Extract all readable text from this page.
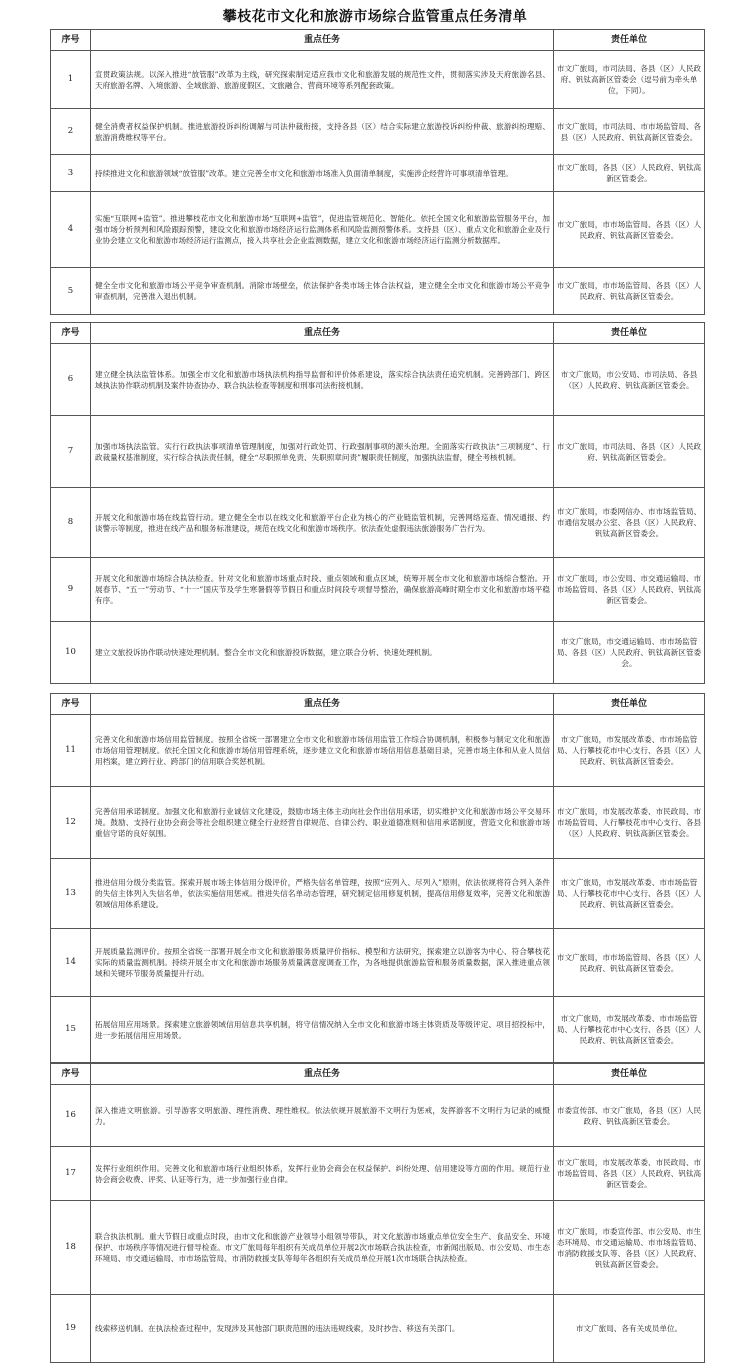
攀枝花市文化和旅游市场综合监管重点任务清单
序号	重点任务	责任单位
1	宣贯政策法规。以深入推进“放管服”改革为主线，研究探索制定适应我市文化和旅游发展的规范性文件，贯彻落实涉及天府旅游名县、天府旅游名牌、入境旅游、全域旅游、旅游度假区、文旅融合、营商环境等系列配套政策。	市文广旅局，市司法局、各县（区）人民政府、钒钛高新区管委会（逗号前为牵头单位，下同）。
2	健全消费者权益保护机制。推进旅游投诉纠纷调解与司法仲裁衔接，支持各县（区）结合实际建立旅游投诉纠纷仲裁、旅游纠纷理赔、旅游消费维权等平台。	市文广旅局，市司法局、市市场监管局、各县（区）人民政府、钒钛高新区管委会。
3	持续推进文化和旅游领域“放管服”改革。建立完善全市文化和旅游市场准入负面清单制度，实施涉企经营许可事项清单管理。	市文广旅局，各县（区）人民政府、钒钛高新区管委会。
4	实施“互联网+监管”。推进攀枝花市文化和旅游市场“互联网+监管”，促进监管规范化、智能化。依托全国文化和旅游监管服务平台，加强市场分析预判和风险跟踪预警，建设文化和旅游市场经济运行监测体系和风险监测预警体系。支持县（区）、重点文化和旅游企业及行业协会建立文化和旅游市场经济运行监测点，接入共享社会企业监测数据，建立文化和旅游市场经济运行监测分析数据库。	市文广旅局，市市场监管局、各县（区）人民政府、钒钛高新区管委会。
5	健全全市文化和旅游市场公平竞争审查机制。消除市场壁垒，依法保护各类市场主体合法权益，建立健全全市文化和旅游市场公平竞争审查机制，完善准入退出机制。	市文广旅局，市市场监管局、各县（区）人民政府、钒钛高新区管委会。
序号	重点任务	责任单位
6	建立健全执法监管体系。加强全市文化和旅游市场执法机构指导监督和评价体系建设，落实综合执法责任追究机制。完善跨部门、跨区域执法协作联动机制及案件协查协办、联合执法检查等制度和刑事司法衔接机制。	市文广旅局，市公安局、市司法局、各县（区）人民政府、钒钛高新区管委会。
7	加强市场执法监管。实行行政执法事项清单管理制度，加强对行政处罚、行政强制事项的源头治理。全面落实行政执法“三项制度”、行政裁量权基准制度，实行综合执法责任制，健全“尽职照单免责、失职照章问责”履职责任制度，加强执法监督，健全考核机制。	市文广旅局，市司法局、各县（区）人民政府、钒钛高新区管委会。
8	开展文化和旅游市场在线监管行动。建立健全全市以在线文化和旅游平台企业为核心的产业链监管机制，完善网络巡查、情况通报、约谈警示等制度，推进在线产品和服务标准建设，规范在线文化和旅游市场秩序。依法查处虚假违法旅游服务广告行为。	市文广旅局，市委网信办、市市场监管局、市通信发展办公室、各县（区）人民政府、钒钛高新区管委会。
9	开展文化和旅游市场综合执法检查。针对文化和旅游市场重点时段、重点领域和重点区域，统筹开展全市文化和旅游市场综合整治。开展春节、“五一”劳动节、“十一”国庆节及学生寒暑假等节假日和重点时间段专项督导整治，确保旅游高峰时期全市文化和旅游市场平稳有序。	市文广旅局，市公安局、市交通运输局、市市场监管局、各县（区）人民政府、钒钛高新区管委会。
10	建立文旅投诉协作联动快速处理机制。整合全市文化和旅游投诉数据，建立联合分析、快速处理机制。	市文广旅局，市交通运输局、市市场监管局、各县（区）人民政府、钒钛高新区管委会。
序号	重点任务	责任单位
11	完善文化和旅游市场信用监管制度。按照全省统一部署建立全市文化和旅游市场信用监管工作综合协调机制，积极参与制定文化和旅游市场信用管理制度。依托全国文化和旅游市场信用管理系统，逐步建立文化和旅游市场信用信息基础目录，完善市场主体和从业人员信用档案，建立跨行业、跨部门的信用联合奖惩机制。	市文广旅局，市发展改革委、市市场监管局、人行攀枝花市中心支行、各县（区）人民政府、钒钛高新区管委会。
12	完善信用承诺制度。加强文化和旅游行业诚信文化建设，鼓励市场主体主动向社会作出信用承诺，切实维护文化和旅游市场公平交易环境。鼓励、支持行业协会商会等社会组织建立健全行业经营自律规范、自律公约、职业道德准则和信用承诺制度，营造文化和旅游市场重信守诺的良好氛围。	市文广旅局，市发展改革委、市民政局、市市场监管局、人行攀枝花市中心支行、各县（区）人民政府、钒钛高新区管委会。
13	推进信用分级分类监管。探索开展市场主体信用分级评价，严格失信名单管理，按照“应列入、尽列入”原则，依法依规将符合列入条件的失信主体列入失信名单，依法实施信用惩戒。推进失信名单动态管理，研究制定信用修复机制，提高信用修复效率，完善文化和旅游领域信用体系建设。	市文广旅局，市发展改革委、市市场监管局、人行攀枝花市中心支行、各县（区）人民政府、钒钛高新区管委会。
14	开展质量监测评价。按照全省统一部署开展全市文化和旅游服务质量评价指标、模型和方法研究，探索建立以游客为中心、符合攀枝花实际的质量监测机制。持续开展全市文化和旅游市场服务质量满意度调查工作，为各地提供旅游监管和服务质量数据，深入推进重点领域和关键环节服务质量提升行动。	市文广旅局，市市场监管局、各县（区）人民政府、钒钛高新区管委会。
15	拓展信用应用场景。探索建立旅游领域信用信息共享机制，将守信情况纳入全市文化和旅游市场主体资质及等级评定、项目招投标中，进一步拓展信用应用场景。	市文广旅局，市发展改革委、市市场监管局、人行攀枝花市中心支行、各县（区）人民政府、钒钛高新区管委会。
序号	重点任务	责任单位
16	深入推进文明旅游。引导游客文明旅游、理性消费、理性维权。依法依规开展旅游不文明行为惩戒，发挥游客不文明行为记录的威慑力。	市委宣传部、市文广旅局，各县（区）人民政府、钒钛高新区管委会。
17	发挥行业组织作用。完善文化和旅游市场行业组织体系，发挥行业协会商会在权益保护、纠纷处理、信用建设等方面的作用。规范行业协会商会收费、评奖、认证等行为，进一步加强行业自律。	市文广旅局，市发展改革委、市民政局、市市场监管局、各县（区）人民政府、钒钛高新区管委会。
18	联合执法机制。重大节假日或重点时段，由市文化和旅游产业领导小组领导带队，对文化旅游市场重点单位安全生产、食品安全、环境保护、市场秩序等情况进行督导检查。市文广旅局每年组织有关成员单位开展2次市场联合执法检查，市新闻出版局、市公安局、市生态环境局、市交通运输局、市市场监管局、市消防救援支队等每年各组织有关成员单位开展1次市场联合执法检查。	市文广旅局，市委宣传部、市公安局、市生态环境局、市交通运输局、市市场监管局、市消防救援支队等、各县（区）人民政府、钒钛高新区管委会。
19	线索移送机制。在执法检查过程中，发现涉及其他部门职责范围的违法违规线索，及时抄告、移送有关部门。	市文广旅局、各有关成员单位。
